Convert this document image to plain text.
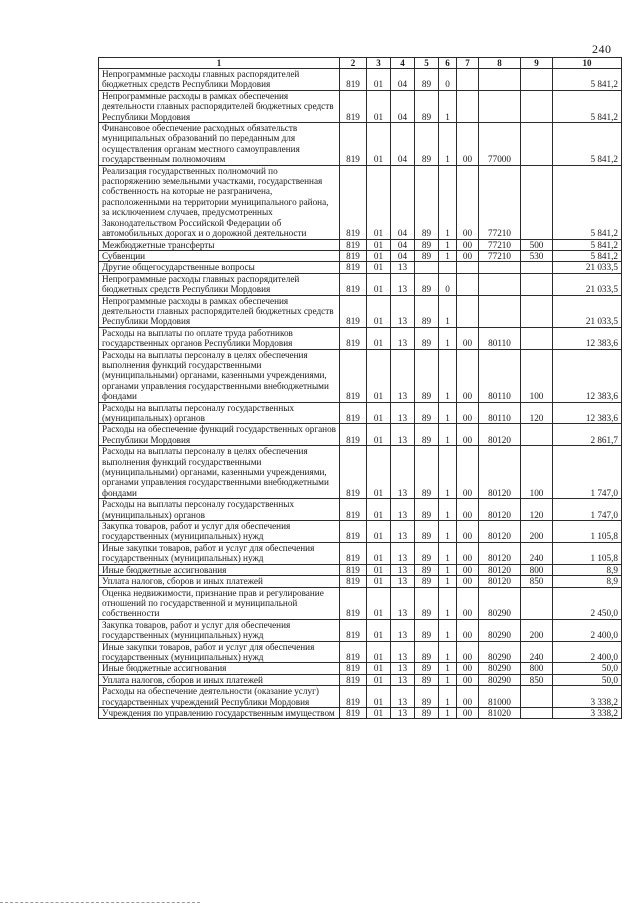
240
1	2	3	4	5	6	7	8	9	10
Непрограммные расходы главных распорядителей бюджетных средств Республики Мордовия	819	01	04	89	0				5 841,2
Непрограммные расходы в рамках обеспечения деятельности главных распорядителей бюджетных средств Республики Мордовия	819	01	04	89	1				5 841,2
Финансовое обеспечение расходных обязательств муниципальных образований по переданным для осуществления органам местного самоуправления государственным полномочиям	819	01	04	89	1	00	77000		5 841,2
Реализация государственных полномочий по распоряжению земельными участками, государственная собственность на которые не разграничена, расположенными на территории муниципального района, за исключением случаев, предусмотренных Законодательством Российской Федерации об автомобильных дорогах и о дорожной деятельности	819	01	04	89	1	00	77210		5 841,2
Межбюджетные трансферты	819	01	04	89	1	00	77210	500	5 841,2
Субвенции	819	01	04	89	1	00	77210	530	5 841,2
Другие общегосударственные вопросы	819	01	13						21 033,5
Непрограммные расходы главных распорядителей бюджетных средств Республики Мордовия	819	01	13	89	0				21 033,5
Непрограммные расходы в рамках обеспечения деятельности главных распорядителей бюджетных средств Республики Мордовия	819	01	13	89	1				21 033,5
Расходы на выплаты по оплате труда работников государственных органов Республики Мордовия	819	01	13	89	1	00	80110		12 383,6
Расходы на выплаты персоналу в целях обеспечения выполнения функций государственными (муниципальными) органами, казенными учреждениями, органами управления государственными внебюджетными фондами	819	01	13	89	1	00	80110	100	12 383,6
Расходы на выплаты персоналу государственных (муниципальных) органов	819	01	13	89	1	00	80110	120	12 383,6
Расходы на обеспечение функций государственных органов Республики Мордовия	819	01	13	89	1	00	80120		2 861,7
Расходы на выплаты персоналу в целях обеспечения выполнения функций государственными (муниципальными) органами, казенными учреждениями, органами управления государственными внебюджетными фондами	819	01	13	89	1	00	80120	100	1 747,0
Расходы на выплаты персоналу государственных (муниципальных) органов	819	01	13	89	1	00	80120	120	1 747,0
Закупка товаров, работ и услуг для обеспечения государственных (муниципальных) нужд	819	01	13	89	1	00	80120	200	1 105,8
Иные закупки товаров, работ и услуг для обеспечения государственных (муниципальных) нужд	819	01	13	89	1	00	80120	240	1 105,8
Иные бюджетные ассигнования	819	01	13	89	1	00	80120	800	8,9
Уплата налогов, сборов и иных платежей	819	01	13	89	1	00	80120	850	8,9
Оценка недвижимости, признание прав и регулирование отношений по государственной и муниципальной собственности	819	01	13	89	1	00	80290		2 450,0
Закупка товаров, работ и услуг для обеспечения государственных (муниципальных) нужд	819	01	13	89	1	00	80290	200	2 400,0
Иные закупки товаров, работ и услуг для обеспечения государственных (муниципальных) нужд	819	01	13	89	1	00	80290	240	2 400,0
Иные бюджетные ассигнования	819	01	13	89	1	00	80290	800	50,0
Уплата налогов, сборов и иных платежей	819	01	13	89	1	00	80290	850	50,0
Расходы на обеспечение деятельности (оказание услуг) государственных учреждений Республики Мордовия	819	01	13	89	1	00	81000		3 338,2
Учреждения по управлению государственным имуществом	819	01	13	89	1	00	81020		3 338,2
